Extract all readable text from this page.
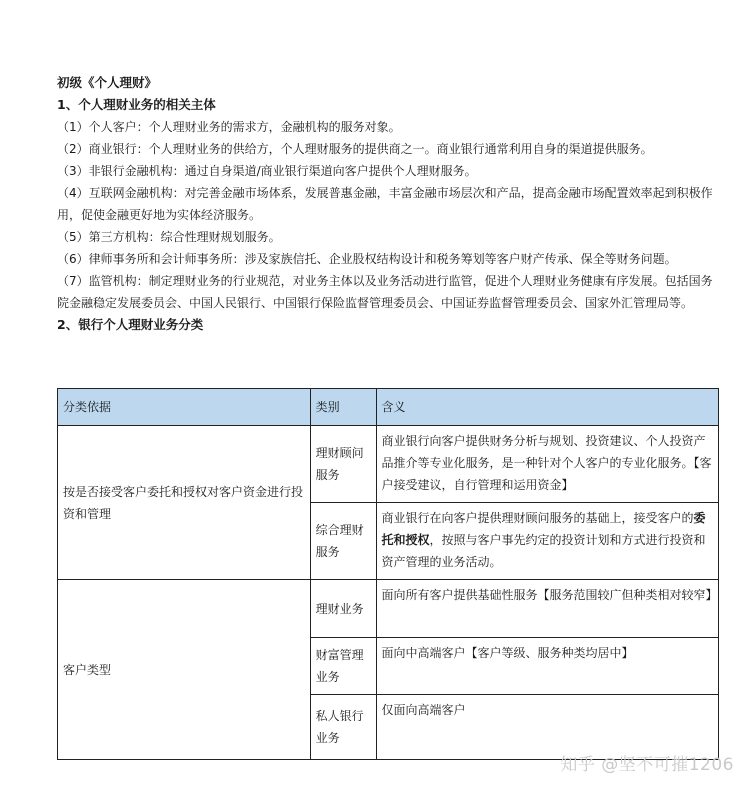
初级《个人理财》
1、个人理财业务的相关主体

（1）个人客户：个人理财业务的需求方，金融机构的服务对象。

（2）商业银行：个人理财业务的供给方，个人理财服务的提供商之一。商业银行通常利用自身的渠道提供服务。

（3）非银行金融机构：通过自身渠道/商业银行渠道向客户提供个人理财服务。

（4）互联网金融机构：对完善金融市场体系，发展普惠金融，丰富金融市场层次和产品，提高金融市场配置效率起到积极作用，促使金融更好地为实体经济服务。

（5）第三方机构：综合性理财规划服务。

（6）律师事务所和会计师事务所：涉及家族信托、企业股权结构设计和税务筹划等客户财产传承、保全等财务问题。

（7）监管机构：制定理财业务的行业规范，对业务主体以及业务活动进行监管，促进个人理财业务健康有序发展。包括国务院金融稳定发展委员会、中国人民银行、中国银行保险监督管理委员会、中国证券监督管理委员会、国家外汇管理局等。

2、银行个人理财业务分类
分类依据	类别	含义
按是否接受客户委托和授权对客户资金进行投资和管理	理财顾问服务	商业银行向客户提供财务分析与规划、投资建议、个人投资产品推介等专业化服务，是一种针对个人客户的专业化服务。【客户接受建议，自行管理和运用资金】
	综合理财服务	商业银行在向客户提供理财顾问服务的基础上，接受客户的委托和授权，按照与客户事先约定的投资计划和方式进行投资和资产管理的业务活动。
客户类型	理财业务	面向所有客户提供基础性服务【服务范围较广但种类相对较窄】
	财富管理业务	面向中高端客户【客户等级、服务种类均居中】
	私人银行业务	仅面向高端客户
知乎 @坚不可摧1206
